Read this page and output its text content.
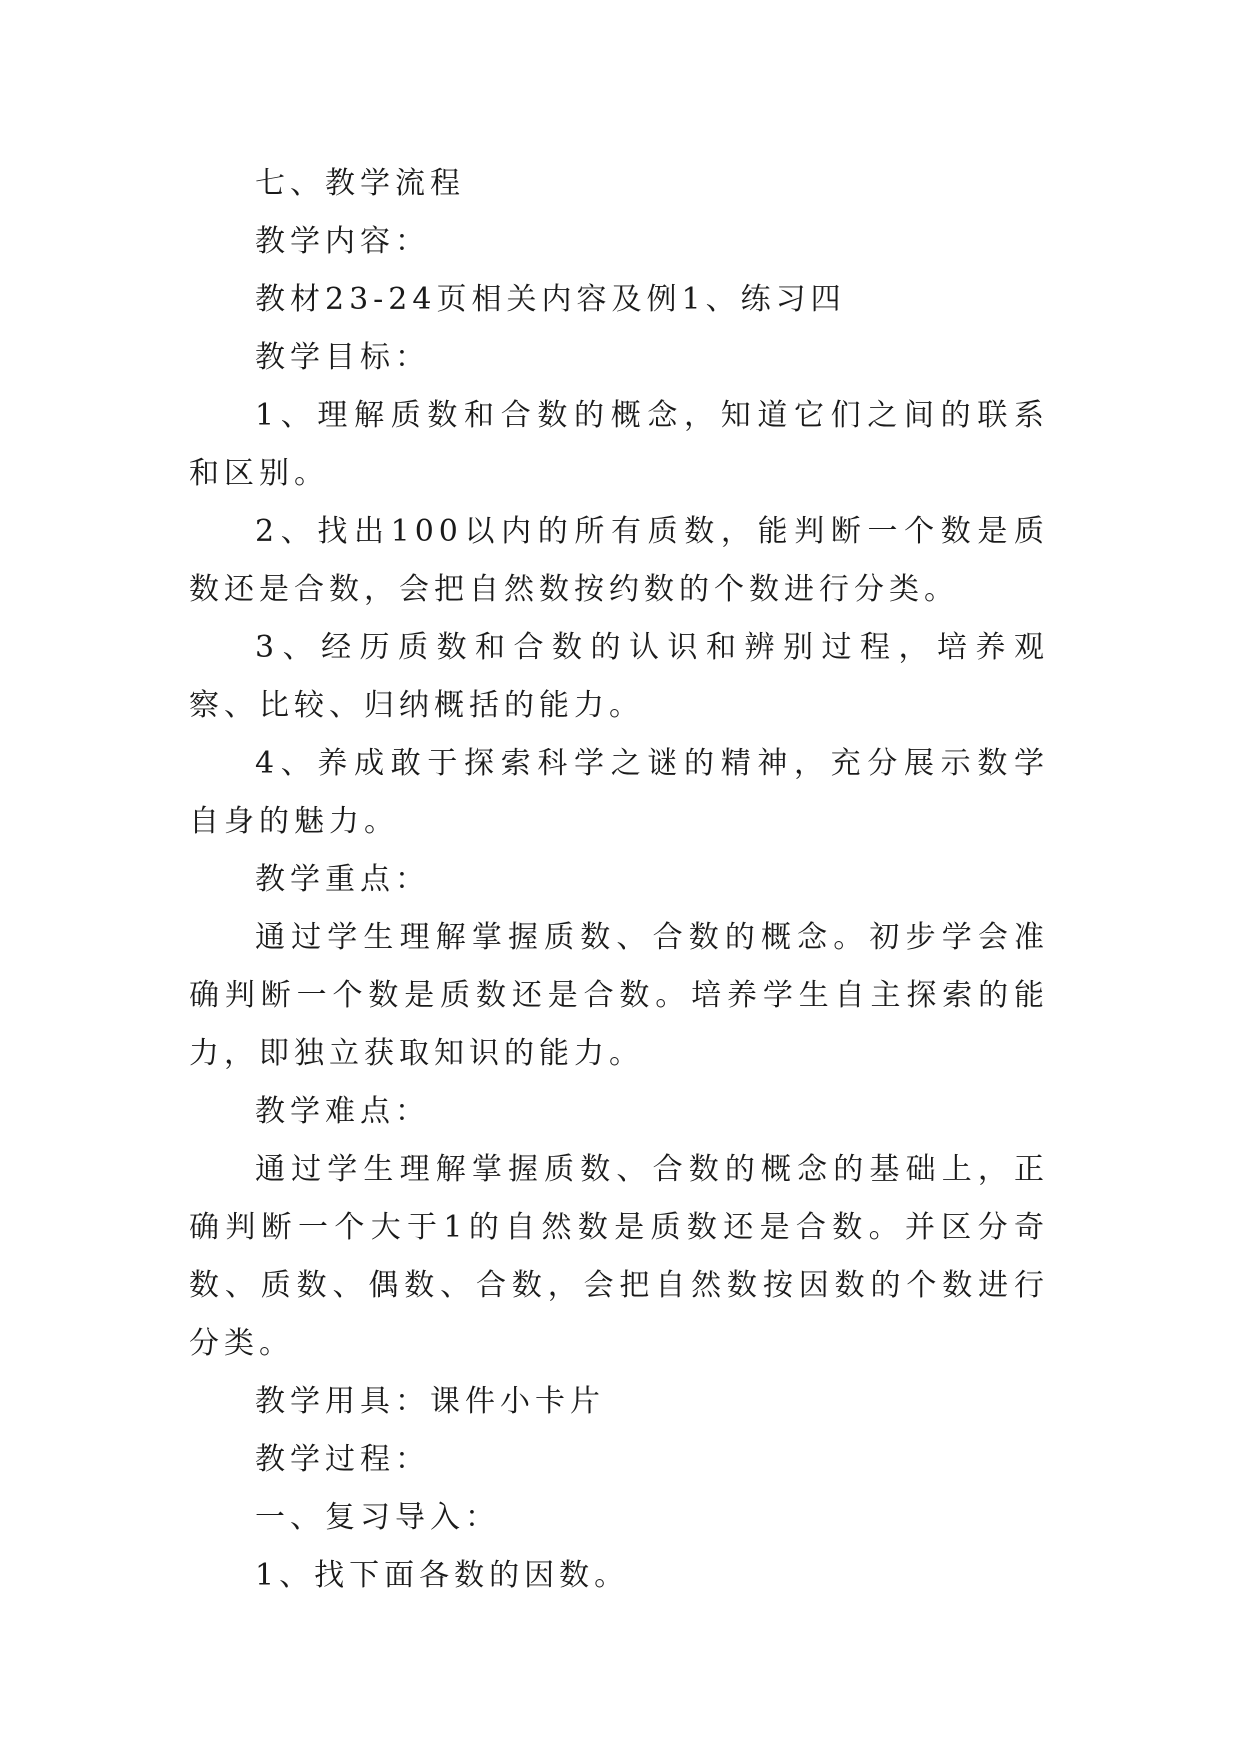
七、教学流程

教学内容：

教材23-24页相关内容及例1、练习四

教学目标：

1、理解质数和合数的概念，知道它们之间的联系和区别。

2、找出100以内的所有质数，能判断一个数是质数还是合数，会把自然数按约数的个数进行分类。

3、经历质数和合数的认识和辨别过程，培养观察、比较、归纳概括的能力。

4、养成敢于探索科学之谜的精神，充分展示数学自身的魅力。

教学重点：

通过学生理解掌握质数、合数的概念。初步学会准确判断一个数是质数还是合数。培养学生自主探索的能力，即独立获取知识的能力。

教学难点：

通过学生理解掌握质数、合数的概念的基础上，正确判断一个大于1的自然数是质数还是合数。并区分奇数、质数、偶数、合数，会把自然数按因数的个数进行分类。

教学用具：课件小卡片

教学过程：

一、复习导入：

1、找下面各数的因数。
